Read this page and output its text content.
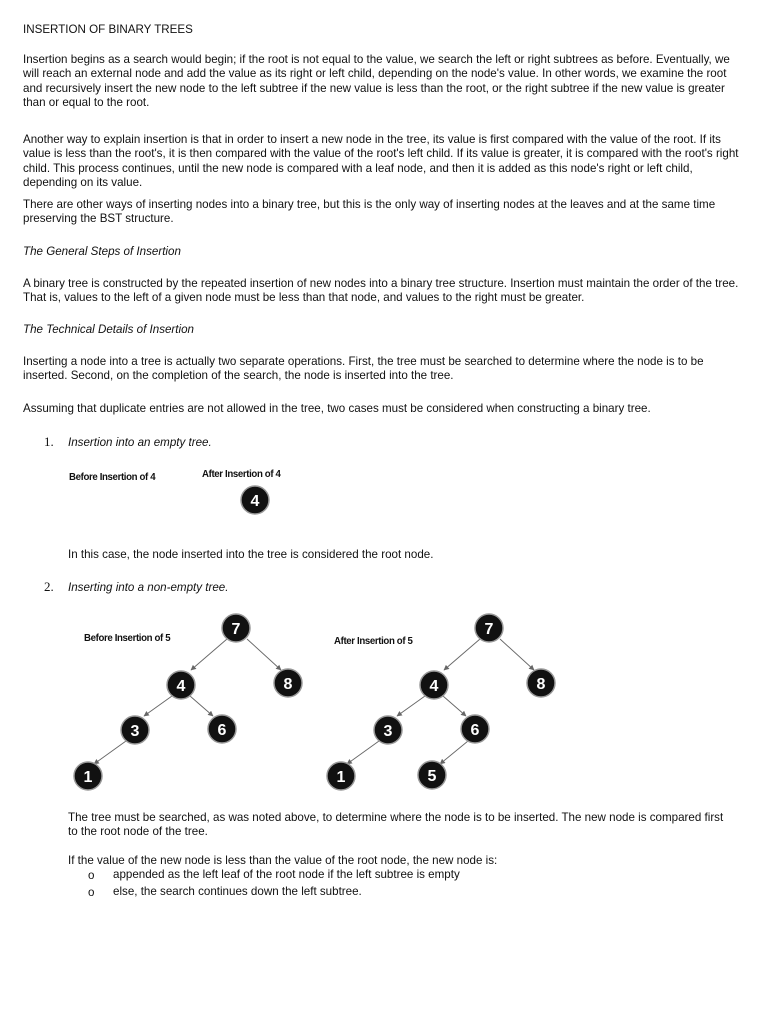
INSERTION OF BINARY TREES

Insertion begins as a search would begin; if the root is not equal to the value, we search the left or right subtrees as before. Eventually, we will reach an external node and add the value as its right or left child, depending on the node's value. In other words, we examine the root and recursively insert the new node to the left subtree if the new value is less than the root, or the right subtree if the new value is greater than or equal to the root.

Another way to explain insertion is that in order to insert a new node in the tree, its value is first compared with the value of the root. If its value is less than the root's, it is then compared with the value of the root's left child. If its value is greater, it is compared with the root's right child. This process continues, until the new node is compared with a leaf node, and then it is added as this node's right or left child, depending on its value.

There are other ways of inserting nodes into a binary tree, but this is the only way of inserting nodes at the leaves and at the same time preserving the BST structure.

The General Steps of Insertion

A binary tree is constructed by the repeated insertion of new nodes into a binary tree structure. Insertion must maintain the order of the tree. That is, values to the left of a given node must be less than that node, and values to the right must be greater.

The Technical Details of Insertion

Inserting a node into a tree is actually two separate operations. First, the tree must be searched to determine where the node is to be inserted. Second, on the completion of the search, the node is inserted into the tree.

Assuming that duplicate entries are not allowed in the tree, two cases must be considered when constructing a binary tree.

1. Insertion into an empty tree.

Before Insertion of 4	After Insertion of 4

In this case, the node inserted into the tree is considered the root node.

2. Inserting into a non-empty tree.

Before Insertion of 5	After Insertion of 5
4
7
4	8
3	6
1
7
4	8
3	6
1	5

The tree must be searched, as was noted above, to determine where the node is to be inserted. The new node is compared first to the root node of the tree.

If the value of the new node is less than the value of the root node, the new node is:

o appended as the left leaf of the root node if the left subtree is empty
o else, the search continues down the left subtree.
